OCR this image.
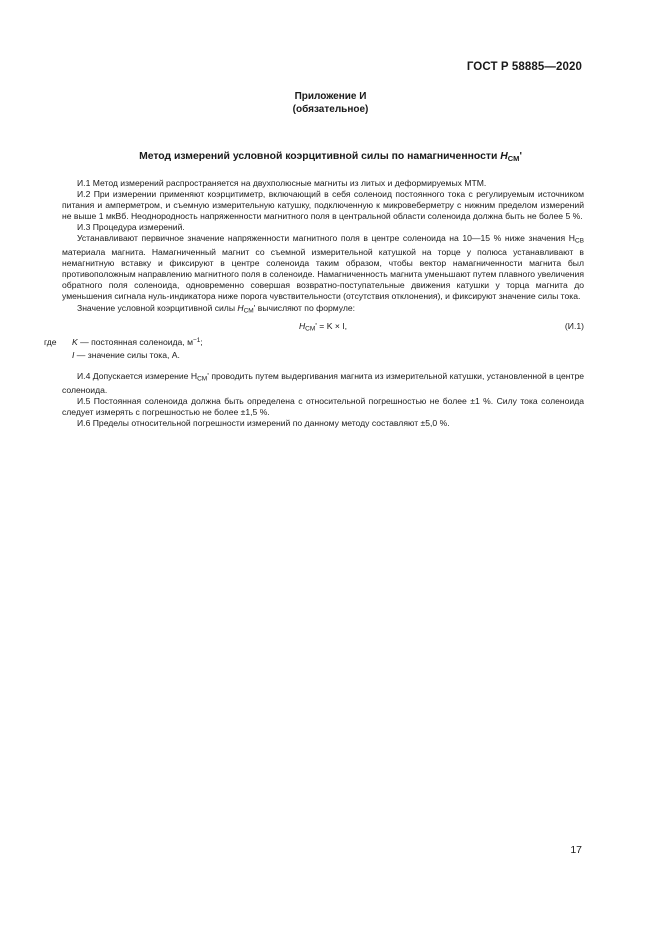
ГОСТ Р 58885—2020
Приложение И
(обязательное)
Метод измерений условной коэрцитивной силы по намагниченности $H_{CM}'$

И.1 Метод измерений распространяется на двухполюсные магниты из литых и деформируемых МТМ.

И.2 При измерении применяют коэрцитиметр, включающий в себя соленоид постоянного тока с регулируемым источником питания и амперметром, и съемную измерительную катушку, подключенную к микровеберметру с нижним пределом измерений не выше 1 мкВб. Неоднородность напряженности магнитного поля в центральной области соленоида должна быть не более 5 %.

И.3 Процедура измерений.

Устанавливают первичное значение напряженности магнитного поля в центре соленоида на 10—15 % ниже значения $H_{CB}$ материала магнита. Намагниченный магнит со съемной измерительной катушкой на торце у полюса устанавливают в немагнитную вставку и фиксируют в центре соленоида таким образом, чтобы вектор намагниченности магнита был противоположным направлению магнитного поля в соленоиде. Намагниченность магнита уменьшают путем плавного увеличения обратного поля соленоида, одновременно совершая возвратно-поступательные движения катушки у торца магнита до уменьшения сигнала нуль-индикатора ниже порога чувствительности (отсутствия отклонения), и фиксируют значение силы тока.

Значение условной коэрцитивной силы $H_{CM}'$ вычисляют по формуле:

$H_{CM}' = K \times I$,	(И.1)
где K — постоянная соленоида, $м^{-1}$;
I — значение силы тока, А.

И.4 Допускается измерение $H_{CM}'$ проводить путем выдергивания магнита из измерительной катушки, установленной в центре соленоида.

И.5 Постоянная соленоида должна быть определена с относительной погрешностью не более ±1 %. Силу тока соленоида следует измерять с погрешностью не более ±1,5 %.

И.6 Пределы относительной погрешности измерений по данному методу составляют ±5,0 %.

17
